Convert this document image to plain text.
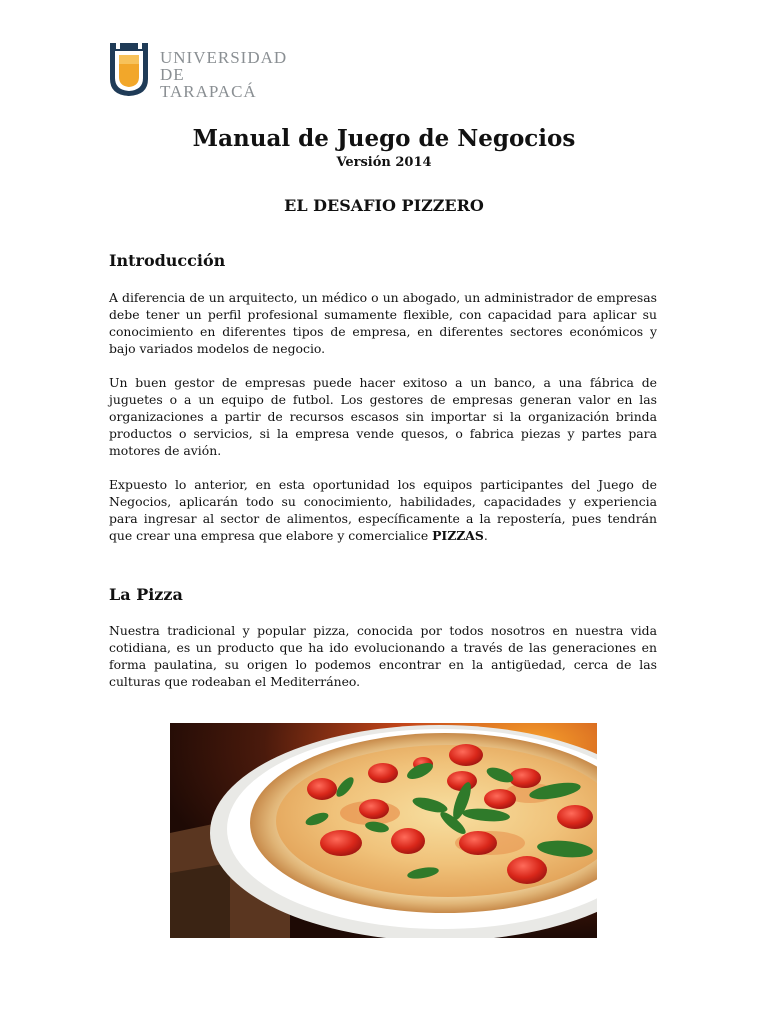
UNIVERSIDAD DE
TARAPACÁ
Manual de Juego de Negocios
Versión 2014
EL DESAFIO PIZZERO
Introducción

A diferencia de un arquitecto, un médico o un abogado, un administrador de empresas debe tener un perfil profesional sumamente flexible, con capacidad para aplicar su conocimiento en diferentes tipos de empresa, en diferentes sectores económicos y bajo variados modelos de negocio.

Un buen gestor de empresas puede hacer exitoso a un banco, a una fábrica de juguetes o a un equipo de futbol. Los gestores de empresas generan valor en las organizaciones a partir de recursos escasos sin importar si la organización brinda productos o servicios, si la empresa vende quesos, o fabrica piezas y partes para motores de avión.

Expuesto lo anterior, en esta oportunidad los equipos participantes del Juego de Negocios, aplicarán todo su conocimiento, habilidades, capacidades y experiencia para ingresar al sector de alimentos, específicamente a la repostería, pues tendrán que crear una empresa que elabore y comercialice PIZZAS.

La Pizza

Nuestra tradicional y popular pizza, conocida por todos nosotros en nuestra vida cotidiana, es un producto que ha ido evolucionando a través de las generaciones en forma paulatina, su origen lo podemos encontrar en la antigüedad, cerca de las culturas que rodeaban el Mediterráneo.
